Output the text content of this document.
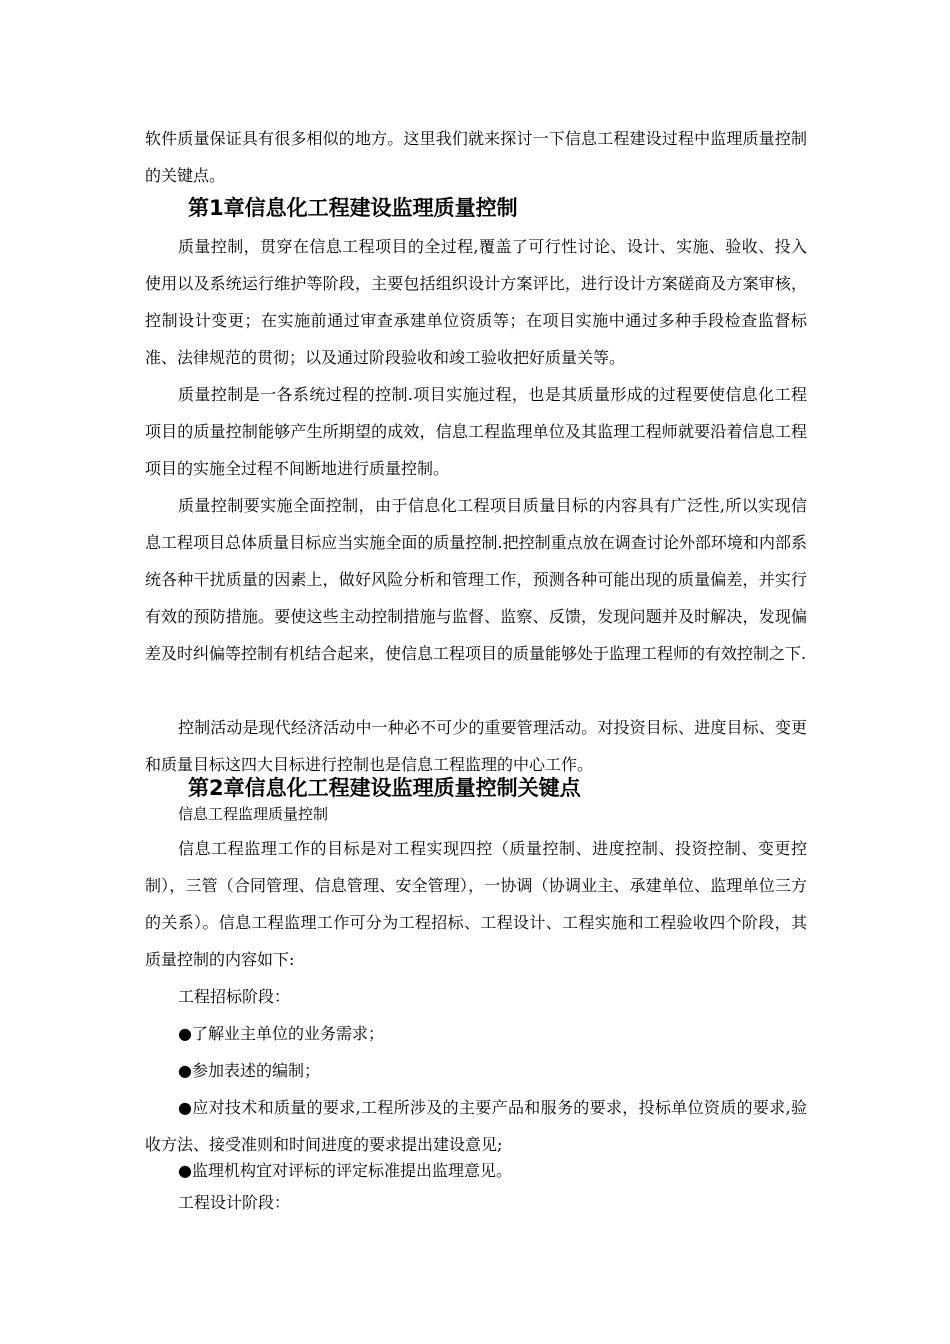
软件质量保证具有很多相似的地方。这里我们就来探讨一下信息工程建设过程中监理质量控制的关键点。

第1章信息化工程建设监理质量控制

质量控制，贯穿在信息工程项目的全过程,覆盖了可行性讨论、设计、实施、验收、投入使用以及系统运行维护等阶段，主要包括组织设计方案评比，进行设计方案磋商及方案审核，控制设计变更；在实施前通过审查承建单位资质等；在项目实施中通过多种手段检查监督标准、法律规范的贯彻；以及通过阶段验收和竣工验收把好质量关等。

质量控制是一各系统过程的控制.项目实施过程，也是其质量形成的过程要使信息化工程项目的质量控制能够产生所期望的成效，信息工程监理单位及其监理工程师就要沿着信息工程项目的实施全过程不间断地进行质量控制。

质量控制要实施全面控制，由于信息化工程项目质量目标的内容具有广泛性,所以实现信息工程项目总体质量目标应当实施全面的质量控制.把控制重点放在调查讨论外部环境和内部系统各种干扰质量的因素上，做好风险分析和管理工作，预测各种可能出现的质量偏差，并实行有效的预防措施。要使这些主动控制措施与监督、监察、反馈，发现问题并及时解决，发现偏差及时纠偏等控制有机结合起来，使信息工程项目的质量能够处于监理工程师的有效控制之下.

控制活动是现代经济活动中一种必不可少的重要管理活动。对投资目标、进度目标、变更和质量目标这四大目标进行控制也是信息工程监理的中心工作。

第2章信息化工程建设监理质量控制关键点

信息工程监理质量控制

信息工程监理工作的目标是对工程实现四控（质量控制、进度控制、投资控制、变更控制），三管（合同管理、信息管理、安全管理），一协调（协调业主、承建单位、监理单位三方的关系）。信息工程监理工作可分为工程招标、工程设计、工程实施和工程验收四个阶段，其质量控制的内容如下:

工程招标阶段：

●了解业主单位的业务需求；

●参加表述的编制；

●应对技术和质量的要求,工程所涉及的主要产品和服务的要求，投标单位资质的要求,验收方法、接受准则和时间进度的要求提出建设意见;

●监理机构宜对评标的评定标准提出监理意见。

工程设计阶段：
